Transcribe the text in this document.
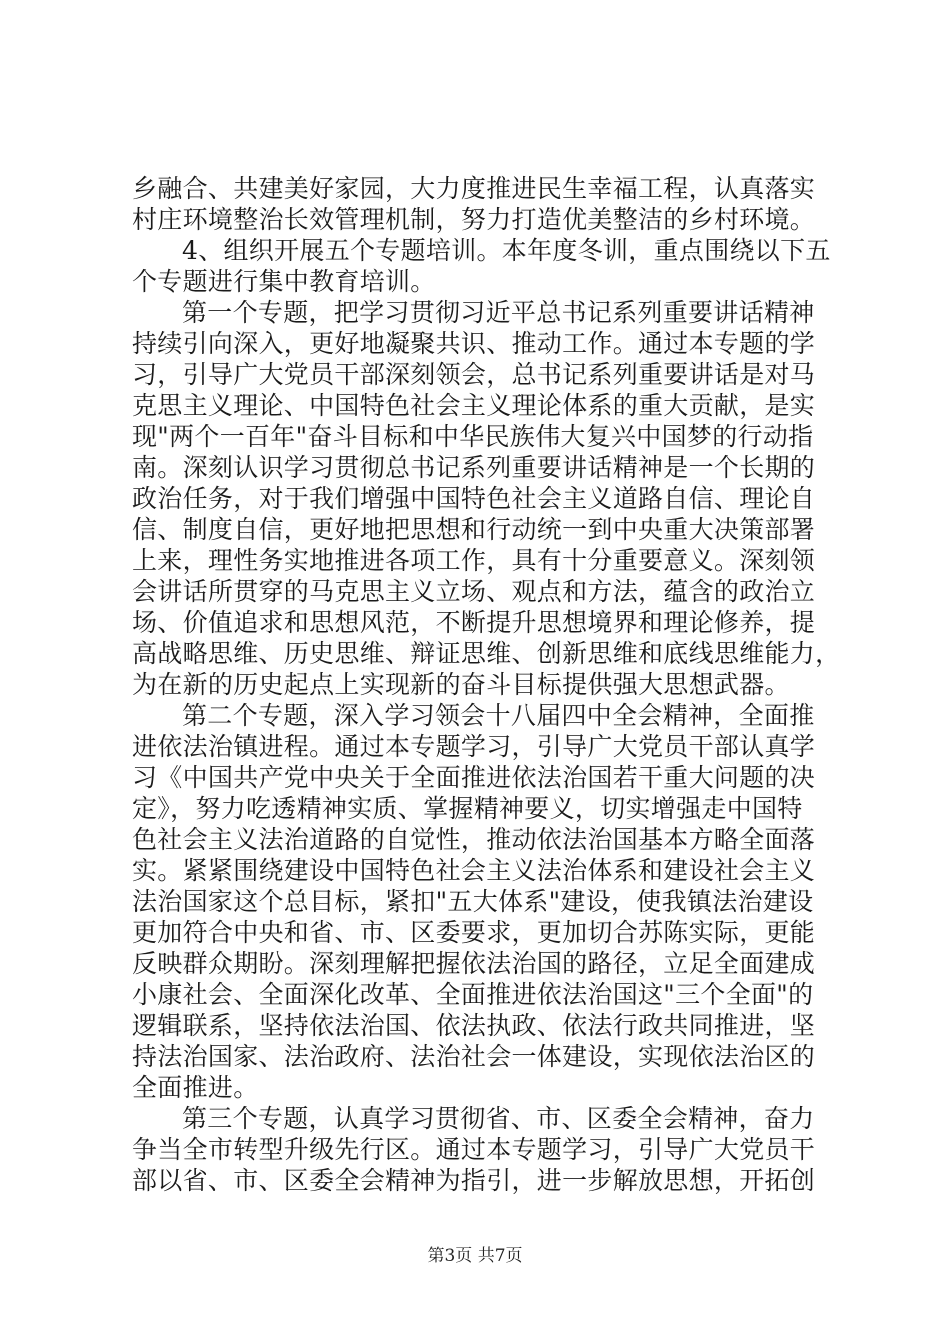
乡融合、共建美好家园，大力度推进民生幸福工程，认真落实
村庄环境整治长效管理机制，努力打造优美整洁的乡村环境。
4、组织开展五个专题培训。本年度冬训，重点围绕以下五
个专题进行集中教育培训。
第一个专题，把学习贯彻习近平总书记系列重要讲话精神
持续引向深入，更好地凝聚共识、推动工作。通过本专题的学
习，引导广大党员干部深刻领会，总书记系列重要讲话是对马
克思主义理论、中国特色社会主义理论体系的重大贡献，是实
现"两个一百年"奋斗目标和中华民族伟大复兴中国梦的行动指
南。深刻认识学习贯彻总书记系列重要讲话精神是一个长期的
政治任务，对于我们增强中国特色社会主义道路自信、理论自
信、制度自信，更好地把思想和行动统一到中央重大决策部署
上来，理性务实地推进各项工作，具有十分重要意义。深刻领
会讲话所贯穿的马克思主义立场、观点和方法，蕴含的政治立
场、价值追求和思想风范，不断提升思想境界和理论修养，提
高战略思维、历史思维、辩证思维、创新思维和底线思维能力，
为在新的历史起点上实现新的奋斗目标提供强大思想武器。
第二个专题，深入学习领会十八届四中全会精神，全面推
进依法治镇进程。通过本专题学习，引导广大党员干部认真学
习《中国共产党中央关于全面推进依法治国若干重大问题的决
定》，努力吃透精神实质、掌握精神要义，切实增强走中国特
色社会主义法治道路的自觉性，推动依法治国基本方略全面落
实。紧紧围绕建设中国特色社会主义法治体系和建设社会主义
法治国家这个总目标，紧扣"五大体系"建设，使我镇法治建设
更加符合中央和省、市、区委要求，更加切合苏陈实际，更能
反映群众期盼。深刻理解把握依法治国的路径，立足全面建成
小康社会、全面深化改革、全面推进依法治国这"三个全面"的
逻辑联系，坚持依法治国、依法执政、依法行政共同推进，坚
持法治国家、法治政府、法治社会一体建设，实现依法治区的
全面推进。
第三个专题，认真学习贯彻省、市、区委全会精神，奋力
争当全市转型升级先行区。通过本专题学习，引导广大党员干
部以省、市、区委全会精神为指引，进一步解放思想，开拓创
第3页 共7页
